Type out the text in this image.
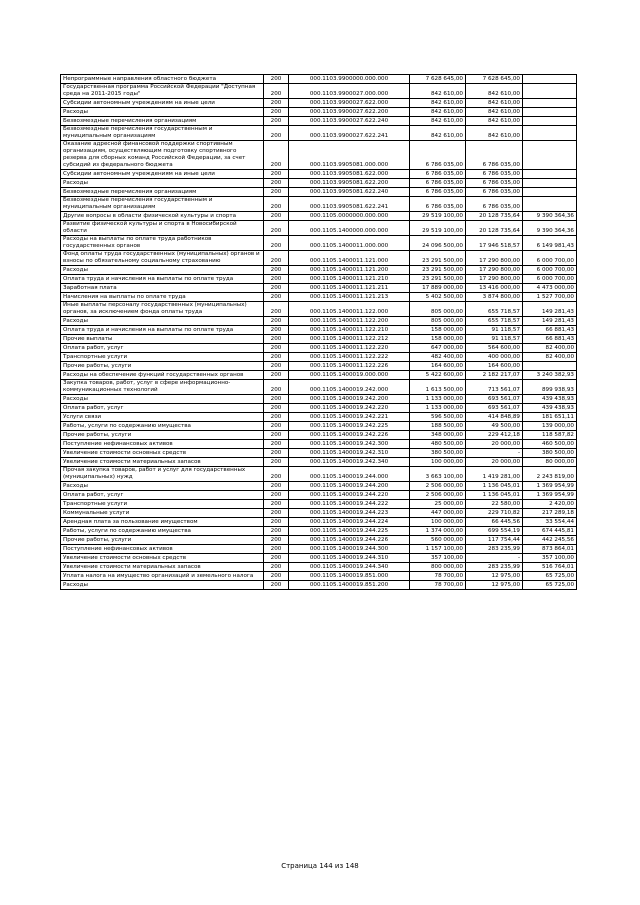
Непрограммные направления областного бюджета	200	000.1103.9900000.000.000	7 628 645,00	7 628 645,00	
Государственная программа Российской Федерации "Доступная среда на 2011-2015 годы"	200	000.1103.9900027.000.000	842 610,00	842 610,00	
Субсидии автономным учреждениям на иные цели	200	000.1103.9900027.622.000	842 610,00	842 610,00	
Расходы	200	000.1103.9900027.622.200	842 610,00	842 610,00	
Безвозмездные перечисления организациям	200	000.1103.9900027.622.240	842 610,00	842 610,00	
Безвозмездные перечисления государственным и муниципальным организациям	200	000.1103.9900027.622.241	842 610,00	842 610,00	
Оказание адресной финансовой поддержки спортивным организациям, осуществляющим подготовку спортивного резерва для сборных команд Российской Федерации, за счет субсидий из федерального бюджета	200	000.1103.9905081.000.000	6 786 035,00	6 786 035,00	
Субсидии автономным учреждениям на иные цели	200	000.1103.9905081.622.000	6 786 035,00	6 786 035,00	
Расходы	200	000.1103.9905081.622.200	6 786 035,00	6 786 035,00	
Безвозмездные перечисления организациям	200	000.1103.9905081.622.240	6 786 035,00	6 786 035,00	
Безвозмездные перечисления государственным и муниципальным организациям	200	000.1103.9905081.622.241	6 786 035,00	6 786 035,00	
Другие вопросы в области физической культуры и спорта	200	000.1105.0000000.000.000	29 519 100,00	20 128 735,64	9 390 364,36
Развитие физической культуры и спорта в Новосибирской области	200	000.1105.1400000.000.000	29 519 100,00	20 128 735,64	9 390 364,36
Расходы на выплаты по оплате труда работников государственных органов	200	000.1105.1400011.000.000	24 096 500,00	17 946 518,57	6 149 981,43
Фонд оплаты труда государственных (муниципальных) органов и взносы по обязательному социальному страхованию	200	000.1105.1400011.121.000	23 291 500,00	17 290 800,00	6 000 700,00
Расходы	200	000.1105.1400011.121.200	23 291 500,00	17 290 800,00	6 000 700,00
Оплата труда и начисления на выплаты по оплате труда	200	000.1105.1400011.121.210	23 291 500,00	17 290 800,00	6 000 700,00
Заработная плата	200	000.1105.1400011.121.211	17 889 000,00	13 416 000,00	4 473 000,00
Начисления на выплаты по оплате труда	200	000.1105.1400011.121.213	5 402 500,00	3 874 800,00	1 527 700,00
Иные выплаты персоналу государственных (муниципальных) органов, за исключением фонда оплаты труда	200	000.1105.1400011.122.000	805 000,00	655 718,57	149 281,43
Расходы	200	000.1105.1400011.122.200	805 000,00	655 718,57	149 281,43
Оплата труда и начисления на выплаты по оплате труда	200	000.1105.1400011.122.210	158 000,00	91 118,57	66 881,43
Прочие выплаты	200	000.1105.1400011.122.212	158 000,00	91 118,57	66 881,43
Оплата работ, услуг	200	000.1105.1400011.122.220	647 000,00	564 600,00	82 400,00
Транспортные услуги	200	000.1105.1400011.122.222	482 400,00	400 000,00	82 400,00
Прочие работы, услуги	200	000.1105.1400011.122.226	164 600,00	164 600,00	
Расходы на обеспечение функций государственных органов	200	000.1105.1400019.000.000	5 422 600,00	2 182 217,07	3 240 382,93
Закупка товаров, работ, услуг в сфере информационно-коммуникационных технологий	200	000.1105.1400019.242.000	1 613 500,00	713 561,07	899 938,93
Расходы	200	000.1105.1400019.242.200	1 133 000,00	693 561,07	439 438,93
Оплата работ, услуг	200	000.1105.1400019.242.220	1 133 000,00	693 561,07	439 438,93
Услуги связи	200	000.1105.1400019.242.221	596 500,00	414 848,89	181 651,11
Работы, услуги по содержанию имущества	200	000.1105.1400019.242.225	188 500,00	49 500,00	139 000,00
Прочие работы, услуги	200	000.1105.1400019.242.226	348 000,00	229 412,18	118 587,82
Поступление нефинансовых активов	200	000.1105.1400019.242.300	480 500,00	20 000,00	460 500,00
Увеличение стоимости основных средств	200	000.1105.1400019.242.310	380 500,00	-	380 500,00
Увеличение стоимости материальных запасов	200	000.1105.1400019.242.340	100 000,00	20 000,00	80 000,00
Прочая закупка товаров, работ и услуг для государственных (муниципальных) нужд	200	000.1105.1400019.244.000	3 663 100,00	1 419 281,00	2 243 819,00
Расходы	200	000.1105.1400019.244.200	2 506 000,00	1 136 045,01	1 369 954,99
Оплата работ, услуг	200	000.1105.1400019.244.220	2 506 000,00	1 136 045,01	1 369 954,99
Транспортные услуги	200	000.1105.1400019.244.222	25 000,00	22 580,00	2 420,00
Коммунальные услуги	200	000.1105.1400019.244.223	447 000,00	229 710,82	217 289,18
Арендная плата за пользование имуществом	200	000.1105.1400019.244.224	100 000,00	66 445,56	33 554,44
Работы, услуги по содержанию имущества	200	000.1105.1400019.244.225	1 374 000,00	699 554,19	674 445,81
Прочие работы, услуги	200	000.1105.1400019.244.226	560 000,00	117 754,44	442 245,56
Поступление нефинансовых активов	200	000.1105.1400019.244.300	1 157 100,00	283 235,99	873 864,01
Увеличение стоимости основных средств	200	000.1105.1400019.244.310	357 100,00	-	357 100,00
Увеличение стоимости материальных запасов	200	000.1105.1400019.244.340	800 000,00	283 235,99	516 764,01
Уплата налога на имущество организаций и земельного налога	200	000.1105.1400019.851.000	78 700,00	12 975,00	65 725,00
Расходы	200	000.1105.1400019.851.200	78 700,00	12 975,00	65 725,00
Страница 144 из 148
